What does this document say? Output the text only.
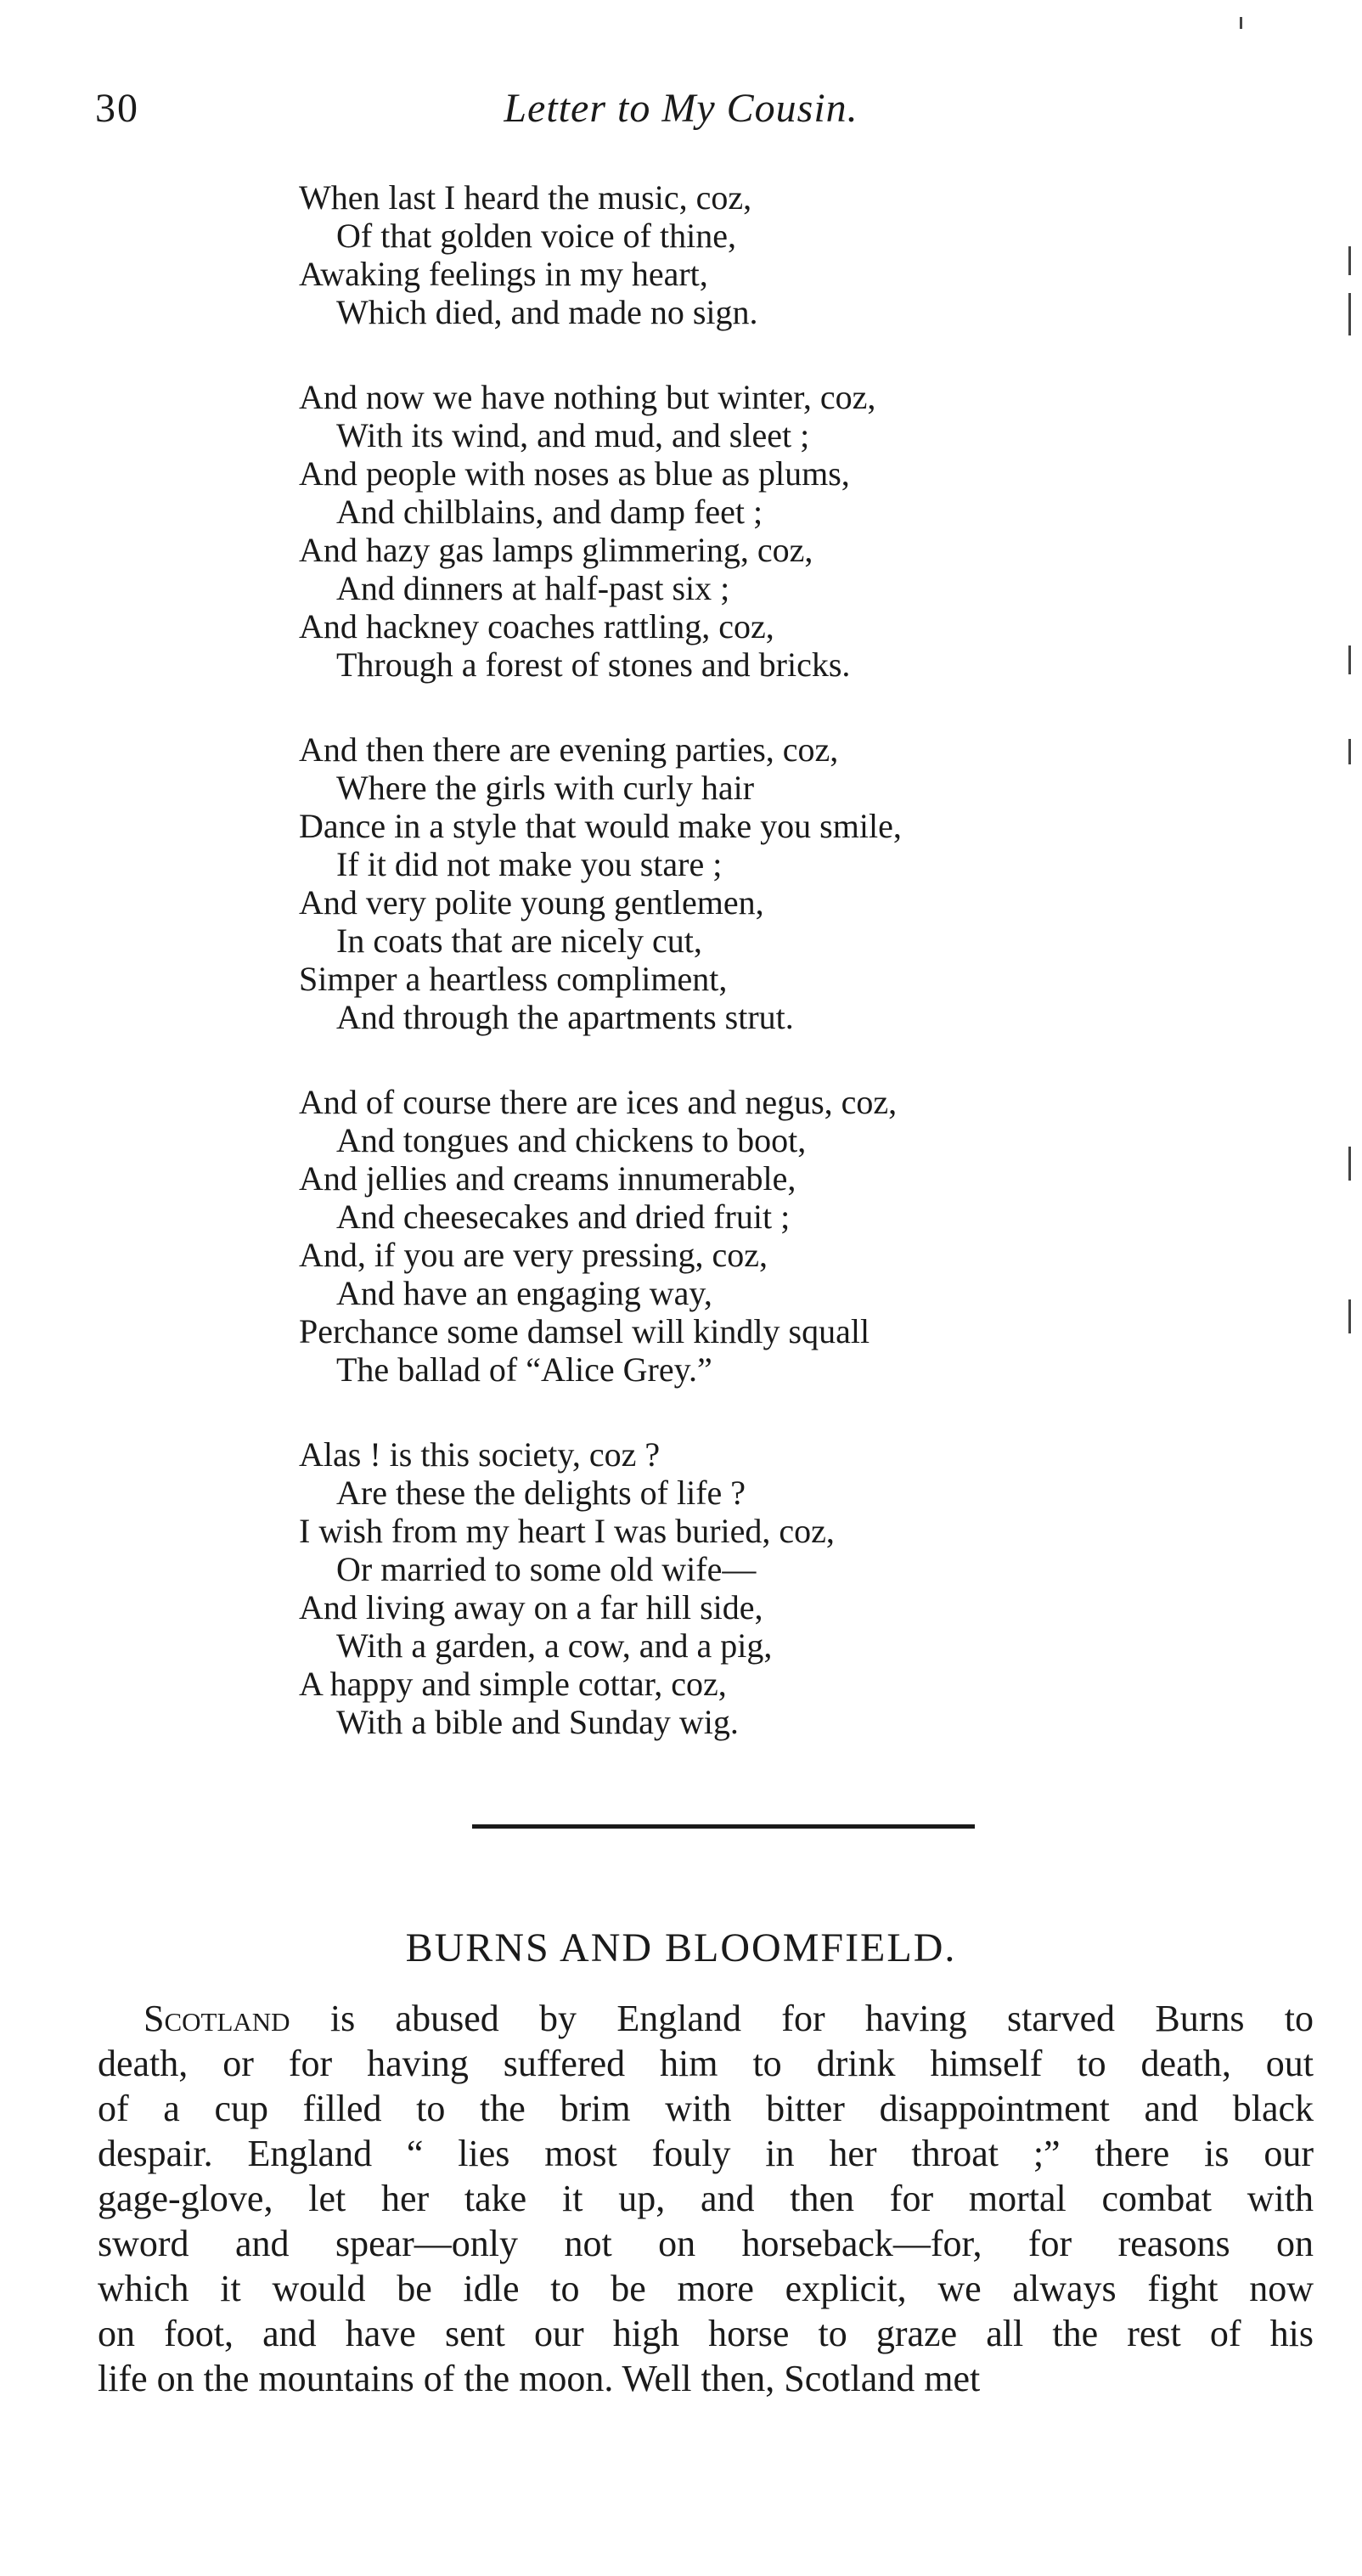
30	Letter to My Cousin.
When last I heard the music, coz,
Of that golden voice of thine,
Awaking feelings in my heart,
Which died, and made no sign.
And now we have nothing but winter, coz,
With its wind, and mud, and sleet ;
And people with noses as blue as plums,
And chilblains, and damp feet ;
And hazy gas lamps glimmering, coz,
And dinners at half-past six ;
And hackney coaches rattling, coz,
Through a forest of stones and bricks.
And then there are evening parties, coz,
Where the girls with curly hair
Dance in a style that would make you smile,
If it did not make you stare ;
And very polite young gentlemen,
In coats that are nicely cut,
Simper a heartless compliment,
And through the apartments strut.
And of course there are ices and negus, coz,
And tongues and chickens to boot,
And jellies and creams innumerable,
And cheesecakes and dried fruit ;
And, if you are very pressing, coz,
And have an engaging way,
Perchance some damsel will kindly squall
The ballad of “Alice Grey.”
Alas ! is this society, coz ?
Are these the delights of life ?
I wish from my heart I was buried, coz,
Or married to some old wife—
And living away on a far hill side,
With a garden, a cow, and a pig,
A happy and simple cottar, coz,
With a bible and Sunday wig.
BURNS AND BLOOMFIELD.
Scotland is abused by England for having starved Burns to
death, or for having suffered him to drink himself to death, out
of a cup filled to the brim with bitter disappointment and black
despair. England “ lies most fouly in her throat ;” there is our
gage-glove, let her take it up, and then for mortal combat with
sword and spear—only not on horseback—for, for reasons on
which it would be idle to be more explicit, we always fight now
on foot, and have sent our high horse to graze all the rest of his
life on the mountains of the moon. Well then, Scotland met
